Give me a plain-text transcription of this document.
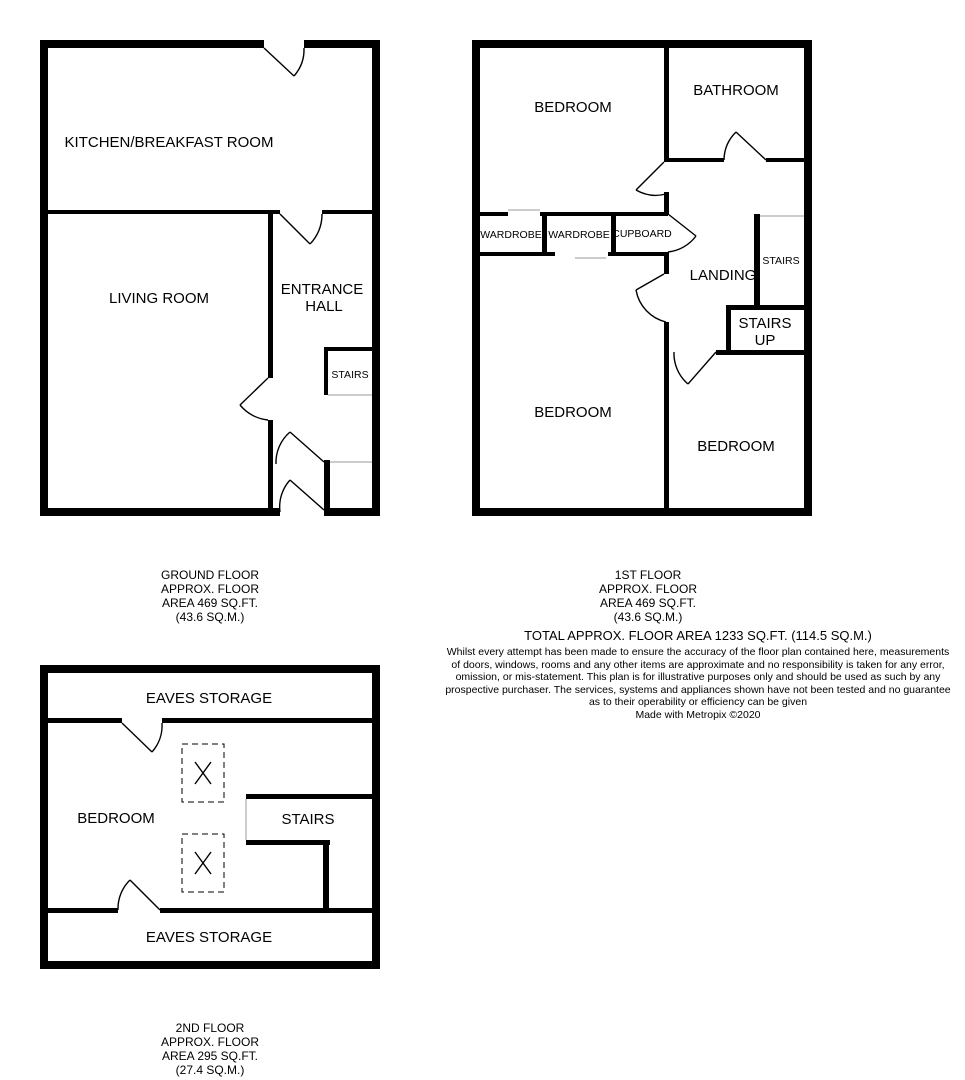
KITCHEN/BREAKFAST ROOM
LIVING ROOM
ENTRANCE
HALL
STAIRS
BEDROOM
BATHROOM
WARDROBE WARDROBE CUPBOARD
LANDING
STAIRS
STAIRS
UP
BEDROOM
BEDROOM
EAVES STORAGE
BEDROOM	STAIRS
EAVES STORAGE
GROUND FLOOR
APPROX. FLOOR
AREA 469 SQ.FT.
(43.6 SQ.M.)
1ST FLOOR
APPROX. FLOOR
AREA 469 SQ.FT.
(43.6 SQ.M.)
TOTAL APPROX. FLOOR AREA 1233 SQ.FT. (114.5 SQ.M.)
Whilst every attempt has been made to ensure the accuracy of the floor plan contained here, measurements
of doors, windows, rooms and any other items are approximate and no responsibility is taken for any error,
omission, or mis-statement. This plan is for illustrative purposes only and should be used as such by any
prospective purchaser. The services, systems and appliances shown have not been tested and no guarantee
as to their operability or efficiency can be given
Made with Metropix ©2020
2ND FLOOR
APPROX. FLOOR
AREA 295 SQ.FT.
(27.4 SQ.M.)
